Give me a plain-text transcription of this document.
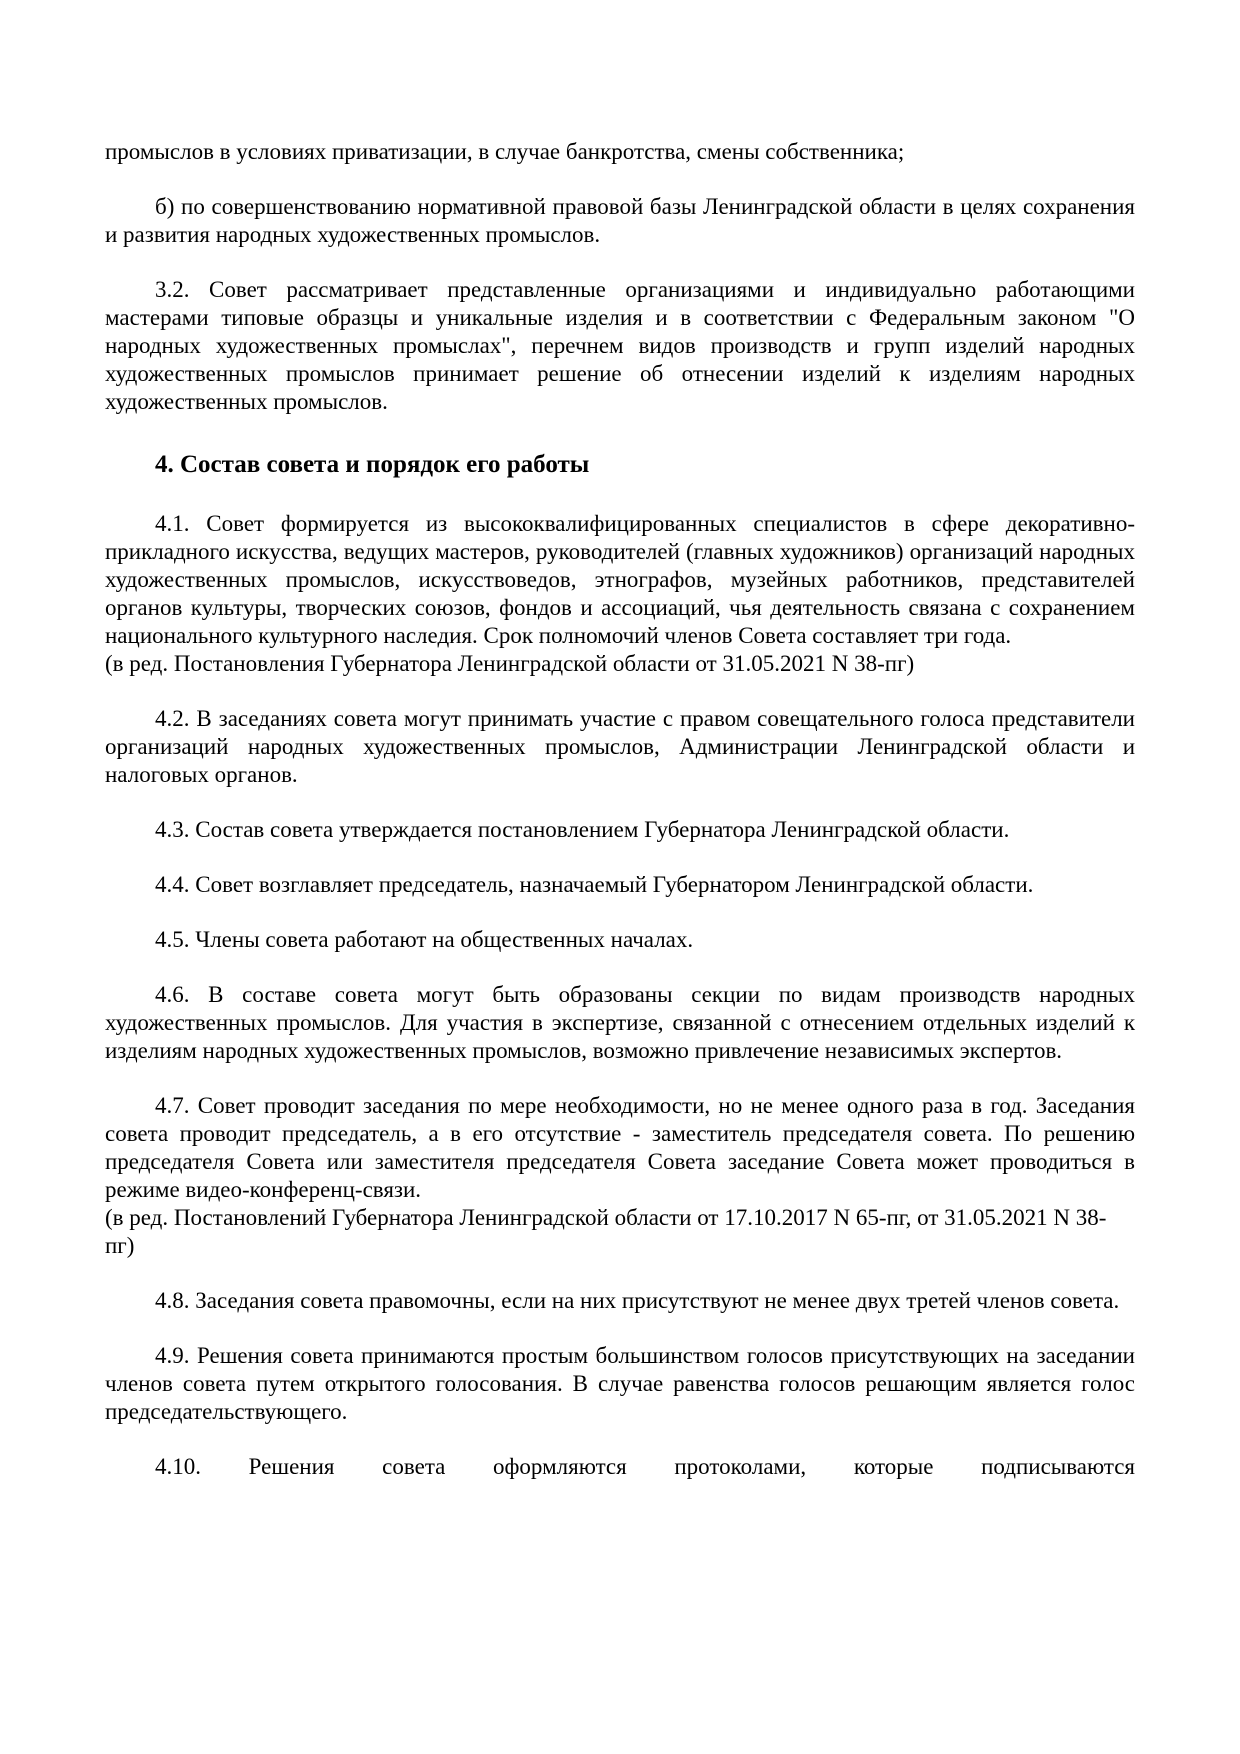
промыслов в условиях приватизации, в случае банкротства, смены собственника;

б) по совершенствованию нормативной правовой базы Ленинградской области в целях сохранения и развития народных художественных промыслов.

3.2. Совет рассматривает представленные организациями и индивидуально работающими мастерами типовые образцы и уникальные изделия и в соответствии с Федеральным законом "О народных художественных промыслах", перечнем видов производств и групп изделий народных художественных промыслов принимает решение об отнесении изделий к изделиям народных художественных промыслов.

4. Состав совета и порядок его работы

4.1. Совет формируется из высококвалифицированных специалистов в сфере декоративно-прикладного искусства, ведущих мастеров, руководителей (главных художников) организаций народных художественных промыслов, искусствоведов, этнографов, музейных работников, представителей органов культуры, творческих союзов, фондов и ассоциаций, чья деятельность связана с сохранением национального культурного наследия. Срок полномочий членов Совета составляет три года.

(в ред. Постановления Губернатора Ленинградской области от 31.05.2021 N 38-пг)

4.2. В заседаниях совета могут принимать участие с правом совещательного голоса представители организаций народных художественных промыслов, Администрации Ленинградской области и налоговых органов.

4.3. Состав совета утверждается постановлением Губернатора Ленинградской области.

4.4. Совет возглавляет председатель, назначаемый Губернатором Ленинградской области.

4.5. Члены совета работают на общественных началах.

4.6. В составе совета могут быть образованы секции по видам производств народных художественных промыслов. Для участия в экспертизе, связанной с отнесением отдельных изделий к изделиям народных художественных промыслов, возможно привлечение независимых экспертов.

4.7. Совет проводит заседания по мере необходимости, но не менее одного раза в год. Заседания совета проводит председатель, а в его отсутствие - заместитель председателя совета. По решению председателя Совета или заместителя председателя Совета заседание Совета может проводиться в режиме видео-конференц-связи.

(в ред. Постановлений Губернатора Ленинградской области от 17.10.2017 N 65-пг, от 31.05.2021 N 38-пг)

4.8. Заседания совета правомочны, если на них присутствуют не менее двух третей членов совета.

4.9. Решения совета принимаются простым большинством голосов присутствующих на заседании членов совета путем открытого голосования. В случае равенства голосов решающим является голос председательствующего.

4.10. Решения совета оформляются протоколами, которые подписываются
